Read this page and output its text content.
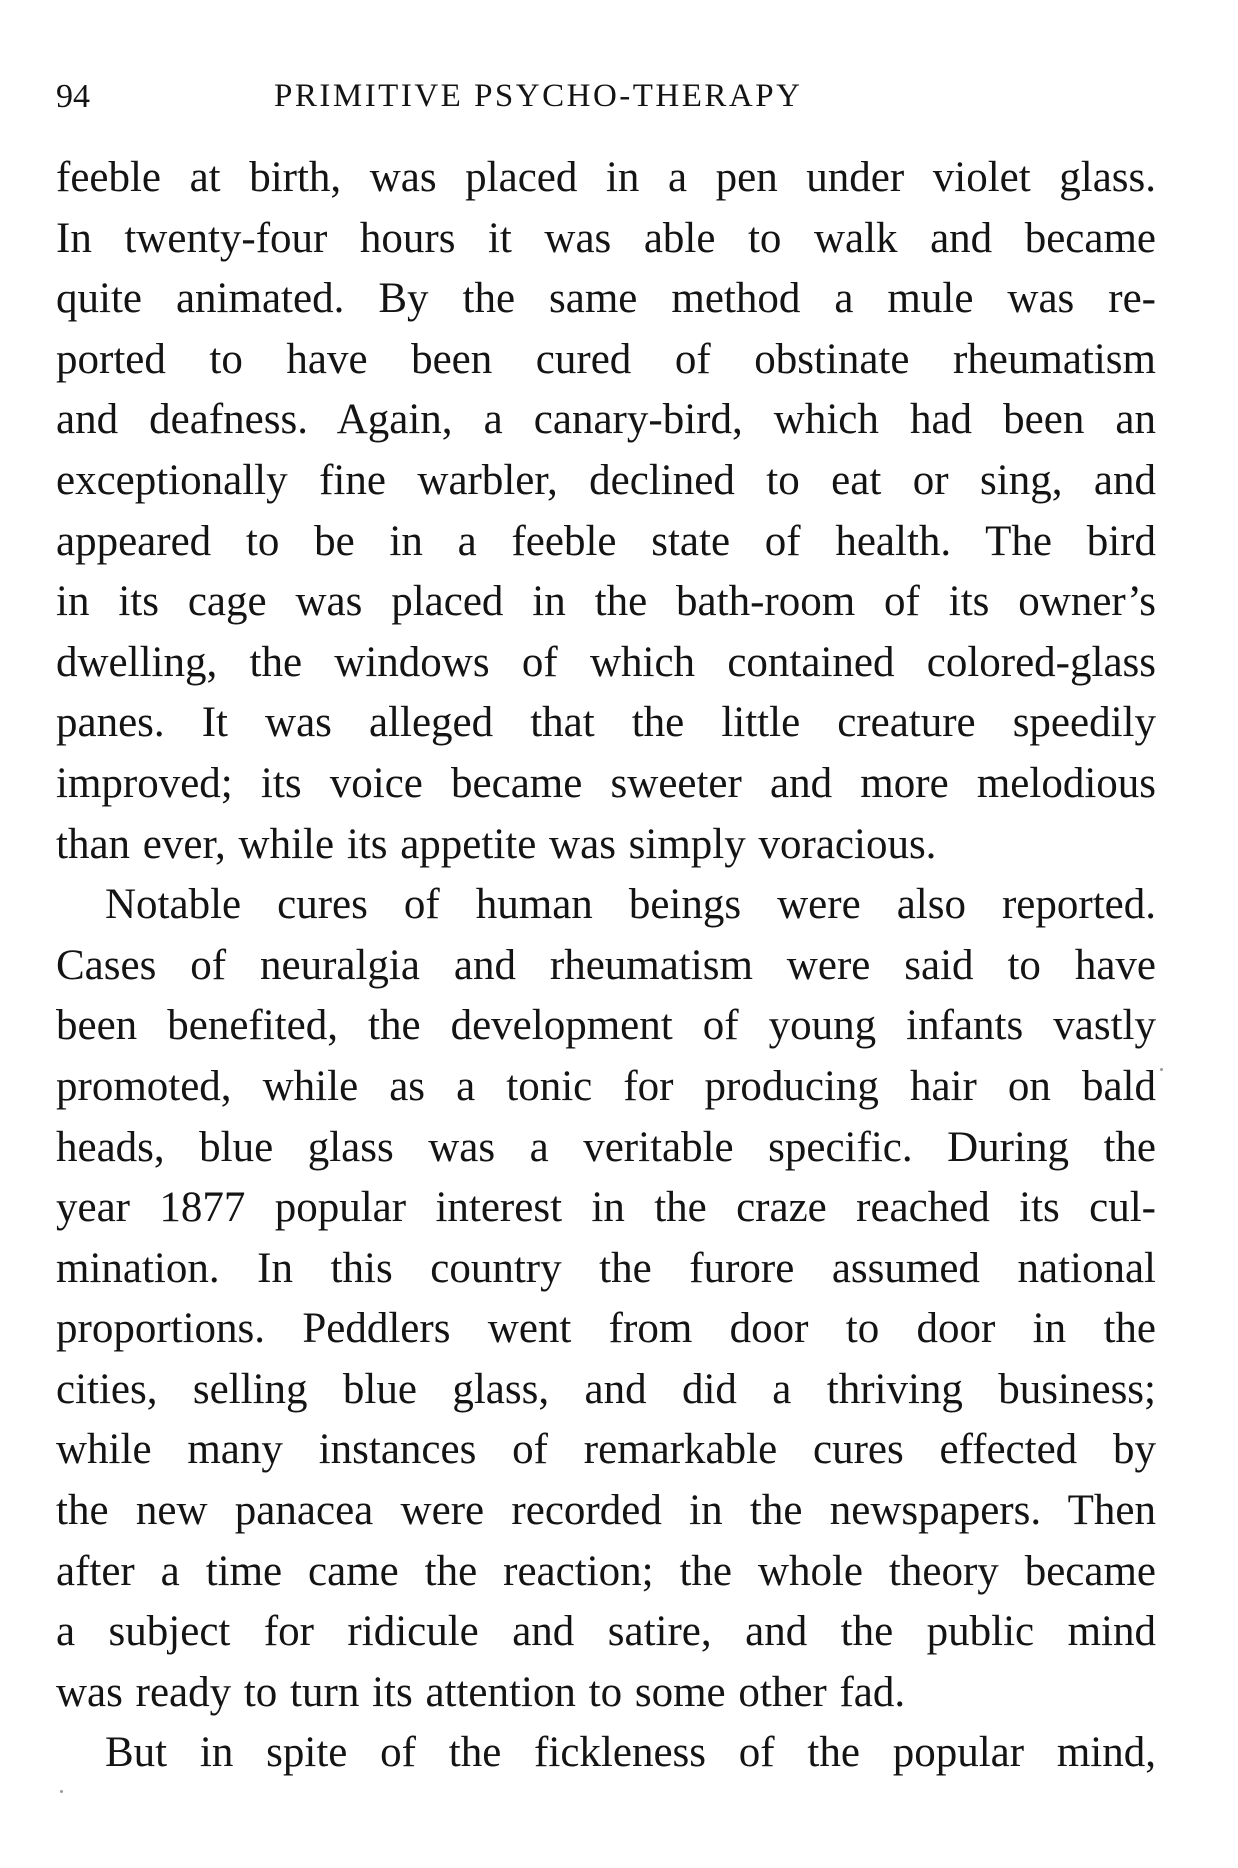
94	PRIMITIVE PSYCHO-THERAPY
feeble at birth, was placed in a pen under violet glass.
In twenty-four hours it was able to walk and became
quite animated. By the same method a mule was re-
ported to have been cured of obstinate rheumatism
and deafness. Again, a canary-bird, which had been an
exceptionally fine warbler, declined to eat or sing, and
appeared to be in a feeble state of health. The bird
in its cage was placed in the bath-room of its owner’s
dwelling, the windows of which contained colored-glass
panes. It was alleged that the little creature speedily
improved; its voice became sweeter and more melodious
than ever, while its appetite was simply voracious.
Notable cures of human beings were also reported.
Cases of neuralgia and rheumatism were said to have
been benefited, the development of young infants vastly
promoted, while as a tonic for producing hair on bald
heads, blue glass was a veritable specific. During the
year 1877 popular interest in the craze reached its cul-
mination. In this country the furore assumed national
proportions. Peddlers went from door to door in the
cities, selling blue glass, and did a thriving business;
while many instances of remarkable cures effected by
the new panacea were recorded in the newspapers. Then
after a time came the reaction; the whole theory became
a subject for ridicule and satire, and the public mind
was ready to turn its attention to some other fad.
But in spite of the fickleness of the popular mind,
